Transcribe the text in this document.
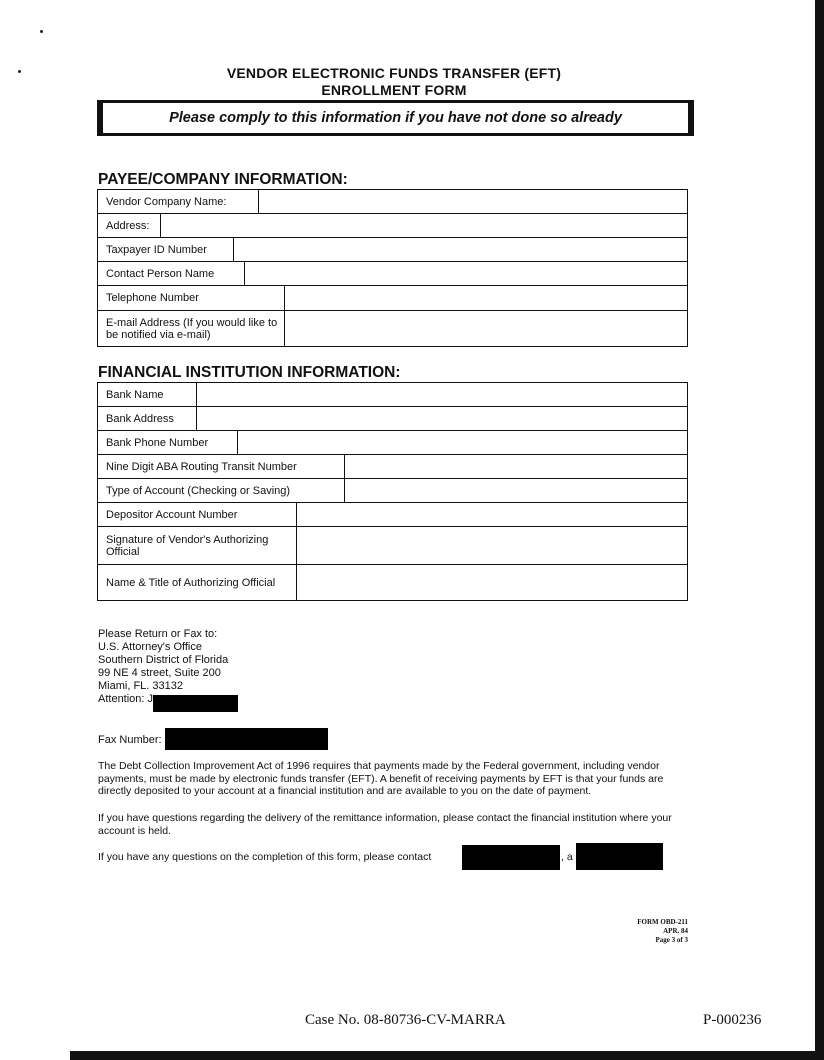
VENDOR ELECTRONIC FUNDS TRANSFER (EFT)
ENROLLMENT FORM
Please comply to this information if you have not done so already
PAYEE/COMPANY INFORMATION:
Vendor Company Name:
Address:
Taxpayer ID Number
Contact Person Name
Telephone Number
E-mail Address (If you would like to be notified via e-mail)
FINANCIAL INSTITUTION INFORMATION:
Bank Name
Bank Address
Bank Phone Number
Nine Digit ABA Routing Transit Number
Type of Account (Checking or Saving)
Depositor Account Number
Signature of Vendor's Authorizing Official
Name & Title of Authorizing Official
Please Return or Fax to:
U.S. Attorney's Office
Southern District of Florida
99 NE 4 street, Suite 200
Miami, FL. 33132
Attention: J
Fax Number:
The Debt Collection Improvement Act of 1996 requires that payments made by the Federal government, including vendor payments, must be made by electronic funds transfer (EFT). A benefit of receiving payments by EFT is that your funds are directly deposited to your account at a financial institution and are available to you on the date of payment.
If you have questions regarding the delivery of the remittance information, please contact the financial institution where your account is held.
If you have any questions on the completion of this form, please contact	, a
FORM OBD-211
APR. 84
Page 3 of 3
Case No. 08-80736-CV-MARRA	P-000236
